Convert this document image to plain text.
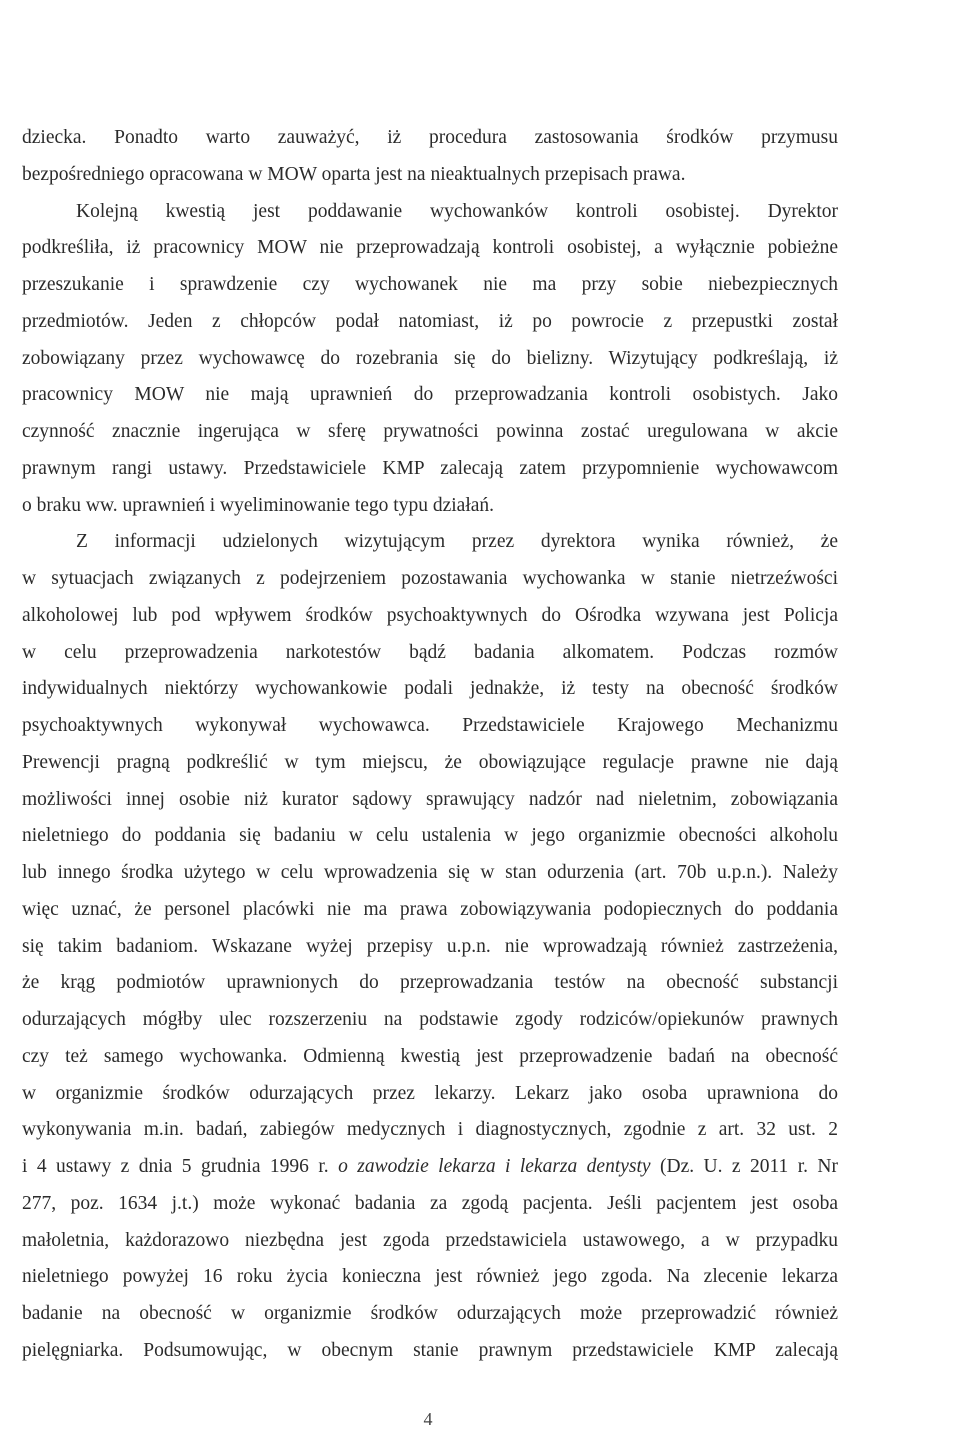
dziecka. Ponadto warto zauważyć, iż procedura zastosowania środków przymusu
bezpośredniego opracowana w MOW oparta jest na nieaktualnych przepisach prawa.
Kolejną kwestią jest poddawanie wychowanków kontroli osobistej. Dyrektor
podkreśliła, iż pracownicy MOW nie przeprowadzają kontroli osobistej, a wyłącznie pobieżne
przeszukanie i sprawdzenie czy wychowanek nie ma przy sobie niebezpiecznych
przedmiotów. Jeden z chłopców podał natomiast, iż po powrocie z przepustki został
zobowiązany przez wychowawcę do rozebrania się do bielizny. Wizytujący podkreślają, iż
pracownicy MOW nie mają uprawnień do przeprowadzania kontroli osobistych. Jako
czynność znacznie ingerująca w sferę prywatności powinna zostać uregulowana w akcie
prawnym rangi ustawy. Przedstawiciele KMP zalecają zatem przypomnienie wychowawcom
o braku ww. uprawnień i wyeliminowanie tego typu działań.
Z informacji udzielonych wizytującym przez dyrektora wynika również, że
w sytuacjach związanych z podejrzeniem pozostawania wychowanka w stanie nietrzeźwości
alkoholowej lub pod wpływem środków psychoaktywnych do Ośrodka wzywana jest Policja
w celu przeprowadzenia narkotestów bądź badania alkomatem. Podczas rozmów
indywidualnych niektórzy wychowankowie podali jednakże, iż testy na obecność środków
psychoaktywnych wykonywał wychowawca. Przedstawiciele Krajowego Mechanizmu
Prewencji pragną podkreślić w tym miejscu, że obowiązujące regulacje prawne nie dają
możliwości innej osobie niż kurator sądowy sprawujący nadzór nad nieletnim, zobowiązania
nieletniego do poddania się badaniu w celu ustalenia w jego organizmie obecności alkoholu
lub innego środka użytego w celu wprowadzenia się w stan odurzenia (art. 70b u.p.n.). Należy
więc uznać, że personel placówki nie ma prawa zobowiązywania podopiecznych do poddania
się takim badaniom. Wskazane wyżej przepisy u.p.n. nie wprowadzają również zastrzeżenia,
że krąg podmiotów uprawnionych do przeprowadzania testów na obecność substancji
odurzających mógłby ulec rozszerzeniu na podstawie zgody rodziców/opiekunów prawnych
czy też samego wychowanka. Odmienną kwestią jest przeprowadzenie badań na obecność
w organizmie środków odurzających przez lekarzy. Lekarz jako osoba uprawniona do
wykonywania m.in. badań, zabiegów medycznych i diagnostycznych, zgodnie z art. 32 ust. 2
i 4 ustawy z dnia 5 grudnia 1996 r. o zawodzie lekarza i lekarza dentysty (Dz. U. z 2011 r. Nr
277, poz. 1634 j.t.) może wykonać badania za zgodą pacjenta. Jeśli pacjentem jest osoba
małoletnia, każdorazowo niezbędna jest zgoda przedstawiciela ustawowego, a w przypadku
nieletniego powyżej 16 roku życia konieczna jest również jego zgoda. Na zlecenie lekarza
badanie na obecność w organizmie środków odurzających może przeprowadzić również
pielęgniarka. Podsumowując, w obecnym stanie prawnym przedstawiciele KMP zalecają
4
